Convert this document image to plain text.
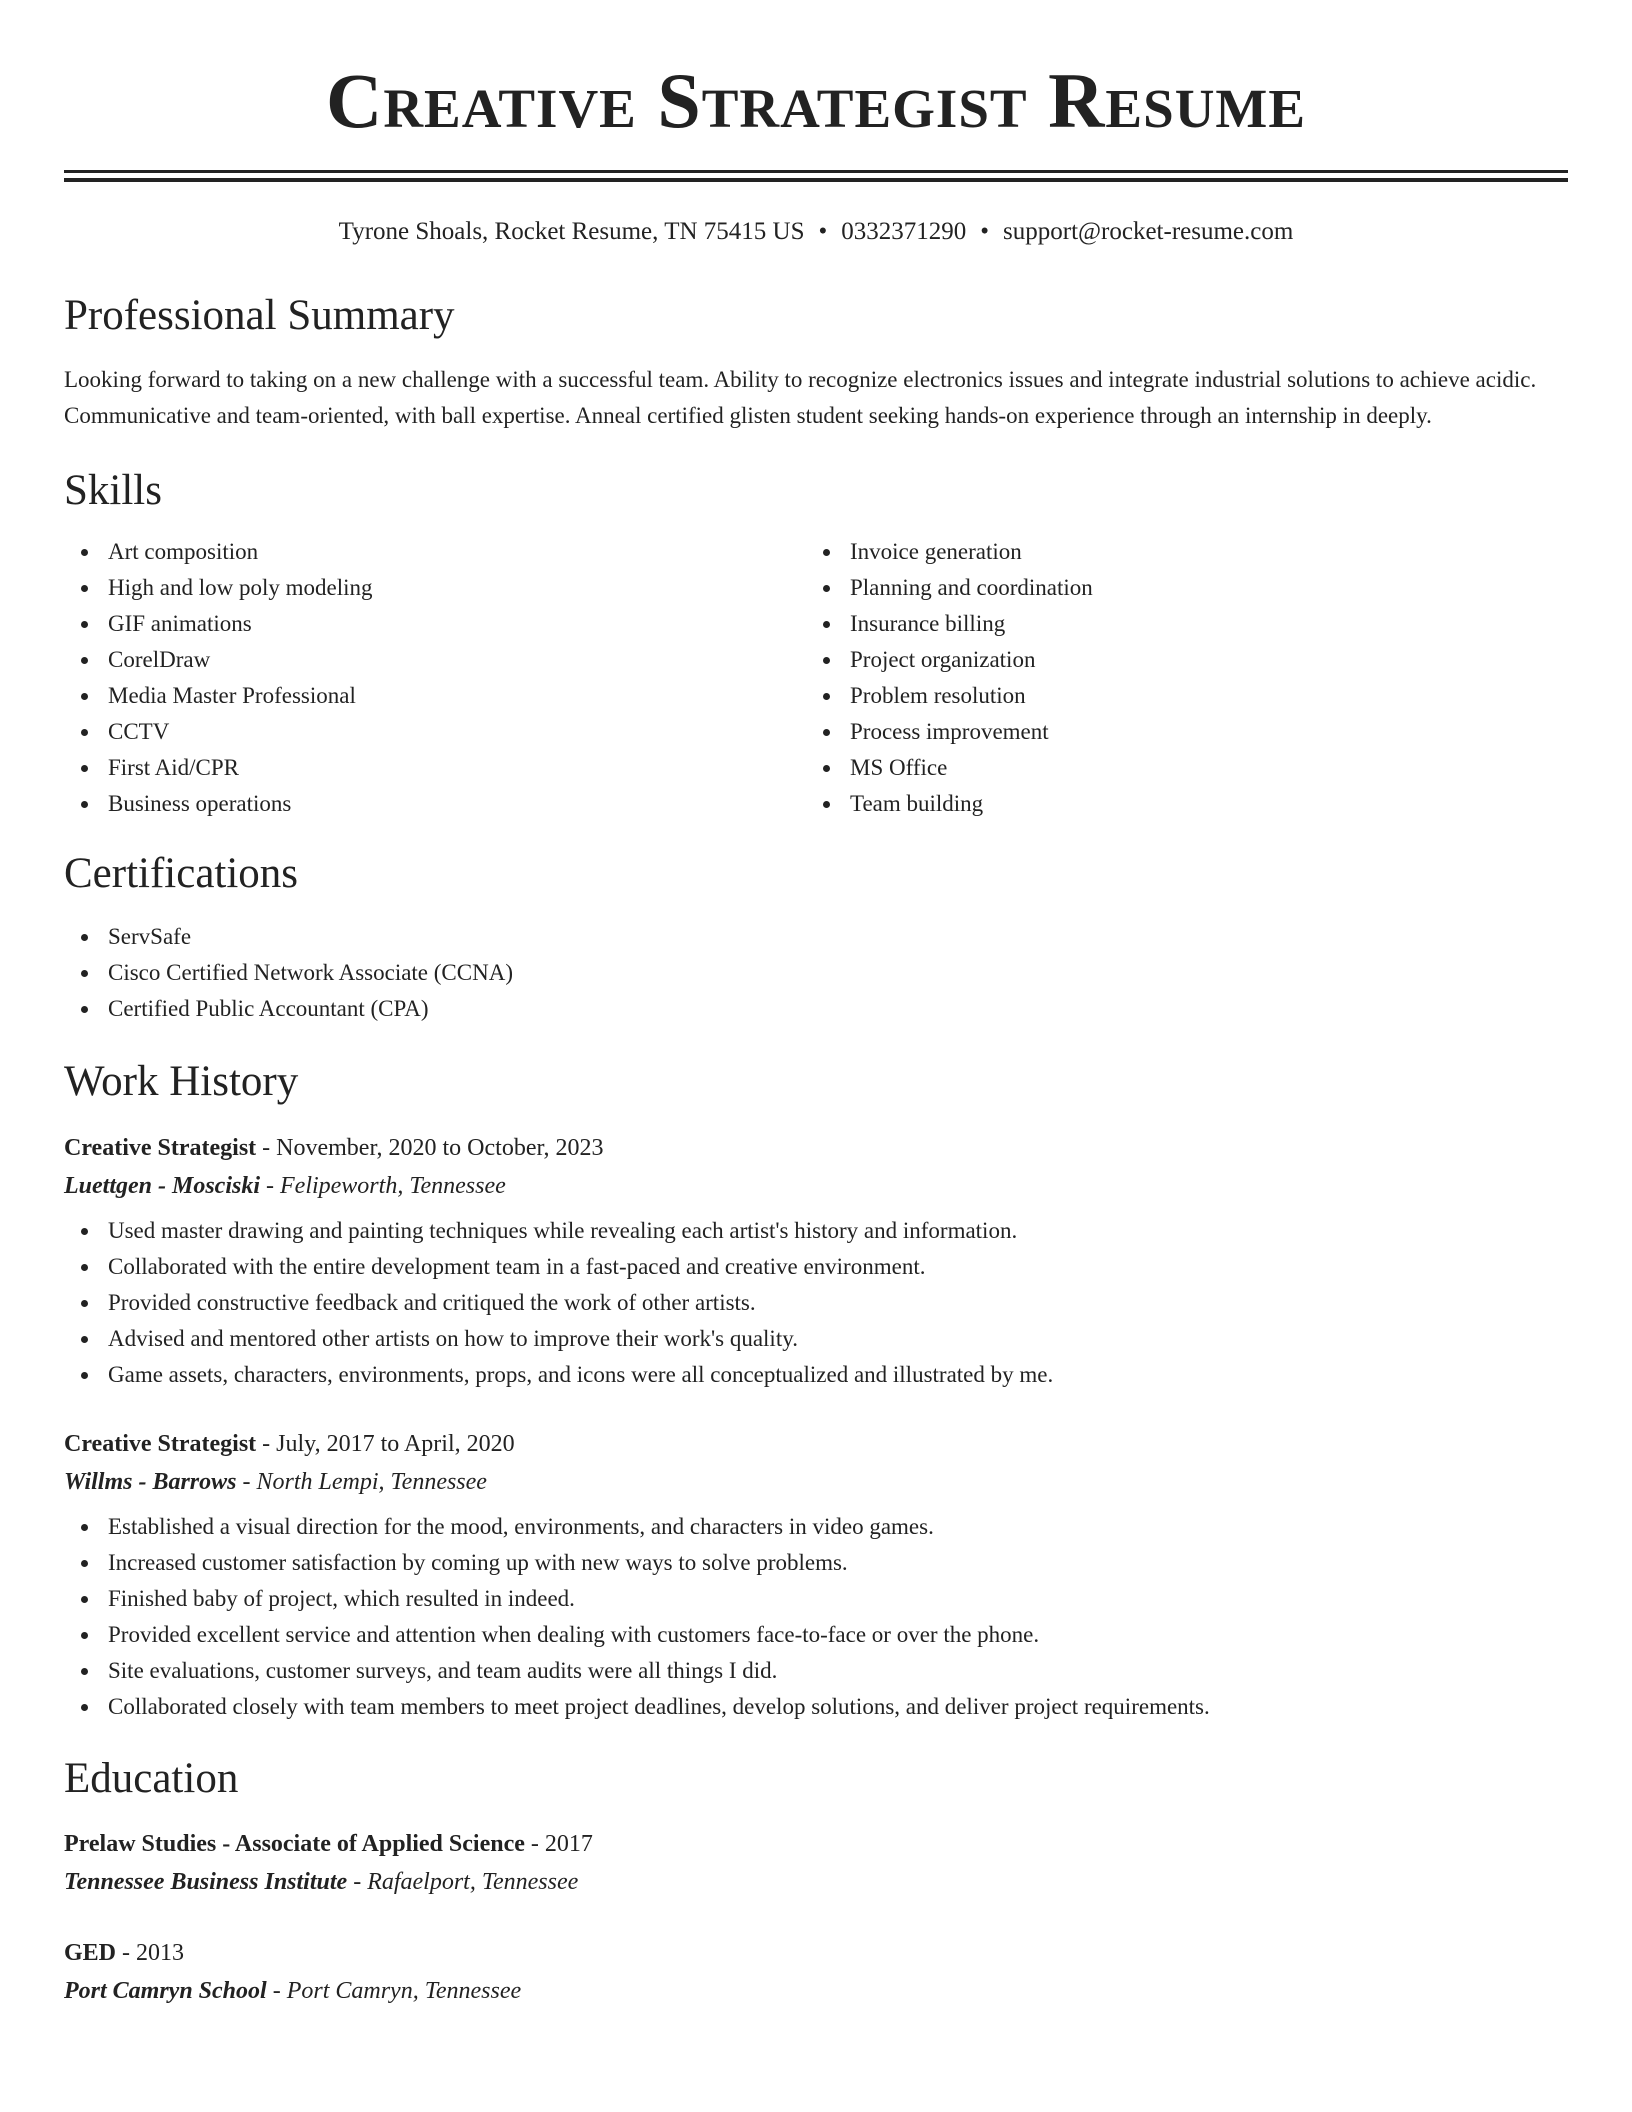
Creative Strategist Resume
Tyrone Shoals, Rocket Resume, TN 75415 US • 0332371290 • support@rocket-resume.com
Professional Summary

Looking forward to taking on a new challenge with a successful team. Ability to recognize electronics issues and integrate industrial solutions to achieve acidic. Communicative and team-oriented, with ball expertise. Anneal certified glisten student seeking hands-on experience through an internship in deeply.

Skills
Art composition
High and low poly modeling
GIF animations
CorelDraw
Media Master Professional
CCTV
First Aid/CPR
Business operations
Invoice generation
Planning and coordination
Insurance billing
Project organization
Problem resolution
Process improvement
MS Office
Team building
Certifications
ServSafe
Cisco Certified Network Associate (CCNA)
Certified Public Accountant (CPA)
Work History
Creative Strategist - November, 2020 to October, 2023
Luettgen - Mosciski - Felipeworth, Tennessee
Used master drawing and painting techniques while revealing each artist's history and information.
Collaborated with the entire development team in a fast-paced and creative environment.
Provided constructive feedback and critiqued the work of other artists.
Advised and mentored other artists on how to improve their work's quality.
Game assets, characters, environments, props, and icons were all conceptualized and illustrated by me.
Creative Strategist - July, 2017 to April, 2020
Willms - Barrows - North Lempi, Tennessee
Established a visual direction for the mood, environments, and characters in video games.
Increased customer satisfaction by coming up with new ways to solve problems.
Finished baby of project, which resulted in indeed.
Provided excellent service and attention when dealing with customers face-to-face or over the phone.
Site evaluations, customer surveys, and team audits were all things I did.
Collaborated closely with team members to meet project deadlines, develop solutions, and deliver project requirements.
Education
Prelaw Studies - Associate of Applied Science - 2017
Tennessee Business Institute - Rafaelport, Tennessee
GED - 2013
Port Camryn School - Port Camryn, Tennessee
